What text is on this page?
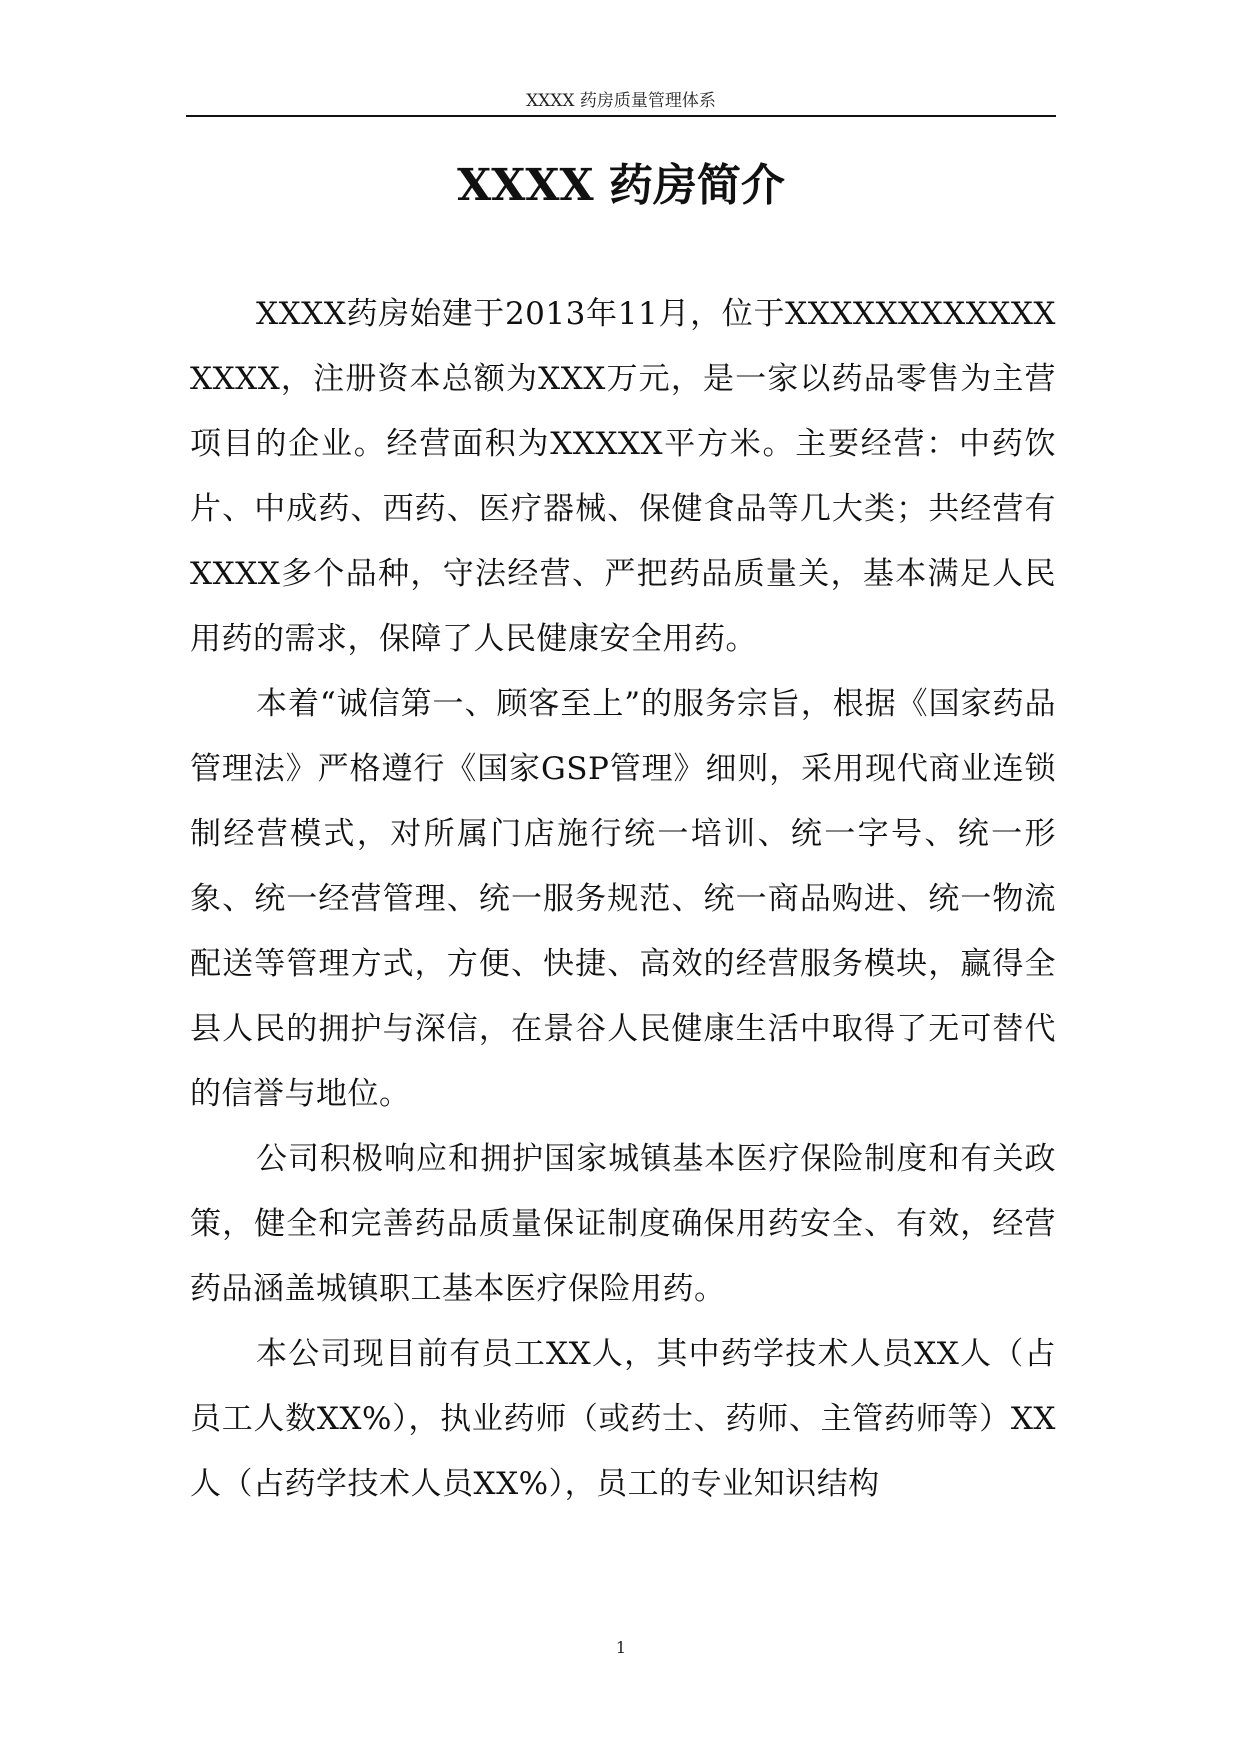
XXXX 药房质量管理体系
XXXX 药房简介

XXXX药房始建于2013年11月，位于XXXXXXXXXXXXXXXX，注册资本总额为XXX万元，是一家以药品零售为主营项目的企业。经营面积为XXXXX平方米。主要经营：中药饮片、中成药、西药、医疗器械、保健食品等几大类；共经营有XXXX多个品种，守法经营、严把药品质量关，基本满足人民用药的需求，保障了人民健康安全用药。

本着“诚信第一、顾客至上”的服务宗旨，根据《国家药品管理法》严格遵行《国家GSP管理》细则，采用现代商业连锁制经营模式，对所属门店施行统一培训、统一字号、统一形象、统一经营管理、统一服务规范、统一商品购进、统一物流配送等管理方式，方便、快捷、高效的经营服务模块，赢得全县人民的拥护与深信，在景谷人民健康生活中取得了无可替代的信誉与地位。

公司积极响应和拥护国家城镇基本医疗保险制度和有关政策，健全和完善药品质量保证制度确保用药安全、有效，经营药品涵盖城镇职工基本医疗保险用药。

本公司现目前有员工XX人，其中药学技术人员XX人（占员工人数XX%），执业药师（或药士、药师、主管药师等）XX人（占药学技术人员XX%），员工的专业知识结构

1
